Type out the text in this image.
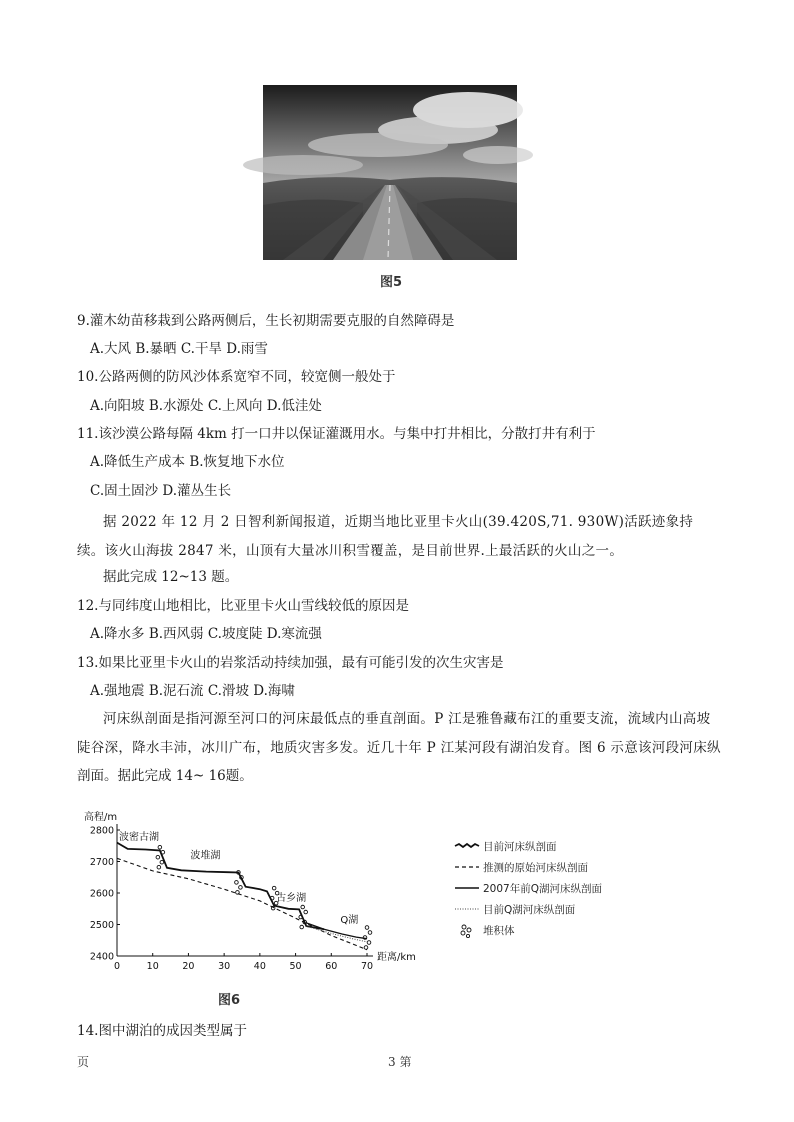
图5
9.灌木幼苗移栽到公路两侧后，生长初期需要克服的自然障碍是
A.大风 B.暴晒 C.干旱 D.雨雪
10.公路两侧的防风沙体系宽窄不同，较宽侧一般处于
A.向阳坡 B.水源处 C.上风向 D.低洼处
11.该沙漠公路每隔 4km 打一口井以保证灌溉用水。与集中打井相比，分散打井有利于
A.降低生产成本 B.恢复地下水位
C.固土固沙 D.灌丛生长
据 2022 年 12 月 2 日智利新闻报道，近期当地比亚里卡火山(39.420S,71. 930W)活跃迹象持续。该火山海拔 2847 米，山顶有大量冰川积雪覆盖，是目前世界.上最活跃的火山之一。
据此完成 12~13 题。
12.与同纬度山地相比，比亚里卡火山雪线较低的原因是
A.降水多 B.西风弱 C.坡度陡 D.寒流强
13.如果比亚里卡火山的岩浆活动持续加强，最有可能引发的次生灾害是
A.强地震 B.泥石流 C.滑坡 D.海啸
河床纵剖面是指河源至河口的河床最低点的垂直剖面。P 江是雅鲁藏布江的重要支流，流域内山高坡
陡谷深，降水丰沛，冰川广布，地质灾害多发。近几十年 P 江某河段有湖泊发育。图 6 示意该河段河床纵
剖面。据此完成 14~ 16题。
高程/m
距离/km
0	10 20 30 40 50 60 70
2400
2500
2600
2700
2800
波密古湖
波堆湖
古乡湖
Q湖
图6
目前河床纵剖面
推测的原始河床纵剖面
2007年前Q湖河床纵剖面
目前Q湖河床纵剖面
堆积体
14.图中湖泊的成因类型属于
页	3 第
